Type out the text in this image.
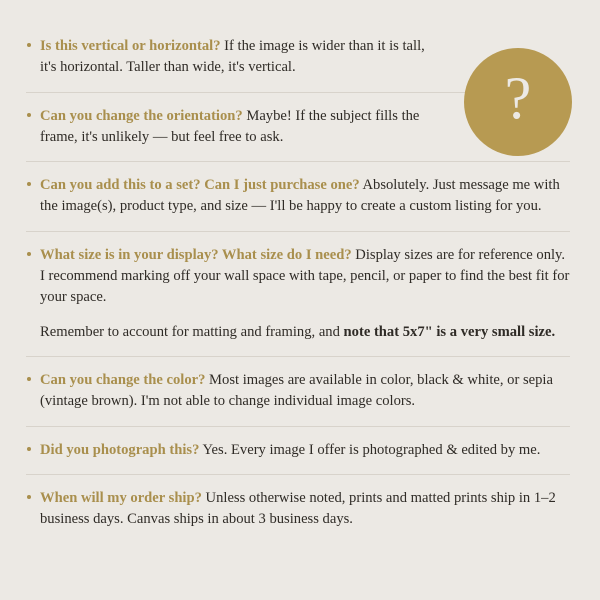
?

Is this vertical or horizontal? If the image is wider than it is tall, it's horizontal. Taller than wide, it's vertical.

Can you change the orientation? Maybe! If the subject fills the frame, it's unlikely — but feel free to ask.

Can you add this to a set? Can I just purchase one? Absolutely. Just message me with the image(s), product type, and size — I'll be happy to create a custom listing for you.

What size is in your display? What size do I need? Display sizes are for reference only. I recommend marking off your wall space with tape, pencil, or paper to find the best fit for your space.

Remember to account for matting and framing, and note that 5x7" is a very small size.

Can you change the color? Most images are available in color, black & white, or sepia (vintage brown). I'm not able to change individual image colors.

Did you photograph this? Yes. Every image I offer is photographed & edited by me.

When will my order ship? Unless otherwise noted, prints and matted prints ship in 1–2 business days. Canvas ships in about 3 business days.
